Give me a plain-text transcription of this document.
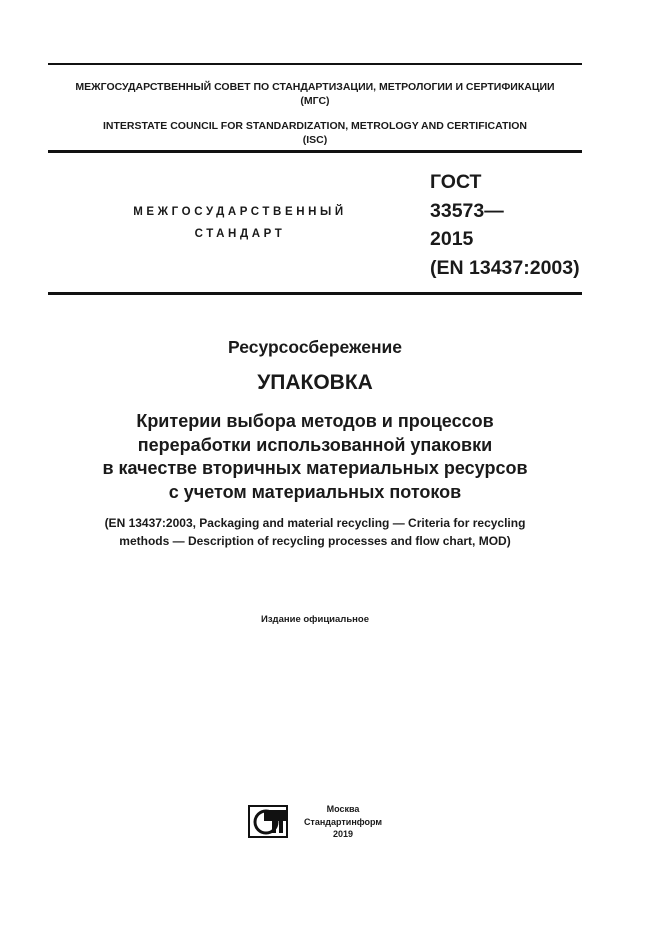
МЕЖГОСУДАРСТВЕННЫЙ СОВЕТ ПО СТАНДАРТИЗАЦИИ, МЕТРОЛОГИИ И СЕРТИФИКАЦИИ
(МГС)
INTERSTATE COUNCIL FOR STANDARDIZATION, METROLOGY AND CERTIFICATION
(ISC)
МЕЖГОСУДАРСТВЕННЫЙ
СТАНДАРТ
ГОСТ
33573—
2015
(EN 13437:2003)
Ресурсосбережение
УПАКОВКА
Критерии выбора методов и процессов
переработки использованной упаковки
в качестве вторичных материальных ресурсов
с учетом материальных потоков
(EN 13437:2003, Packaging and material recycling — Criteria for recycling
methods — Description of recycling processes and flow chart, MOD)
Издание официальное
Москва
Стандартинформ
2019
